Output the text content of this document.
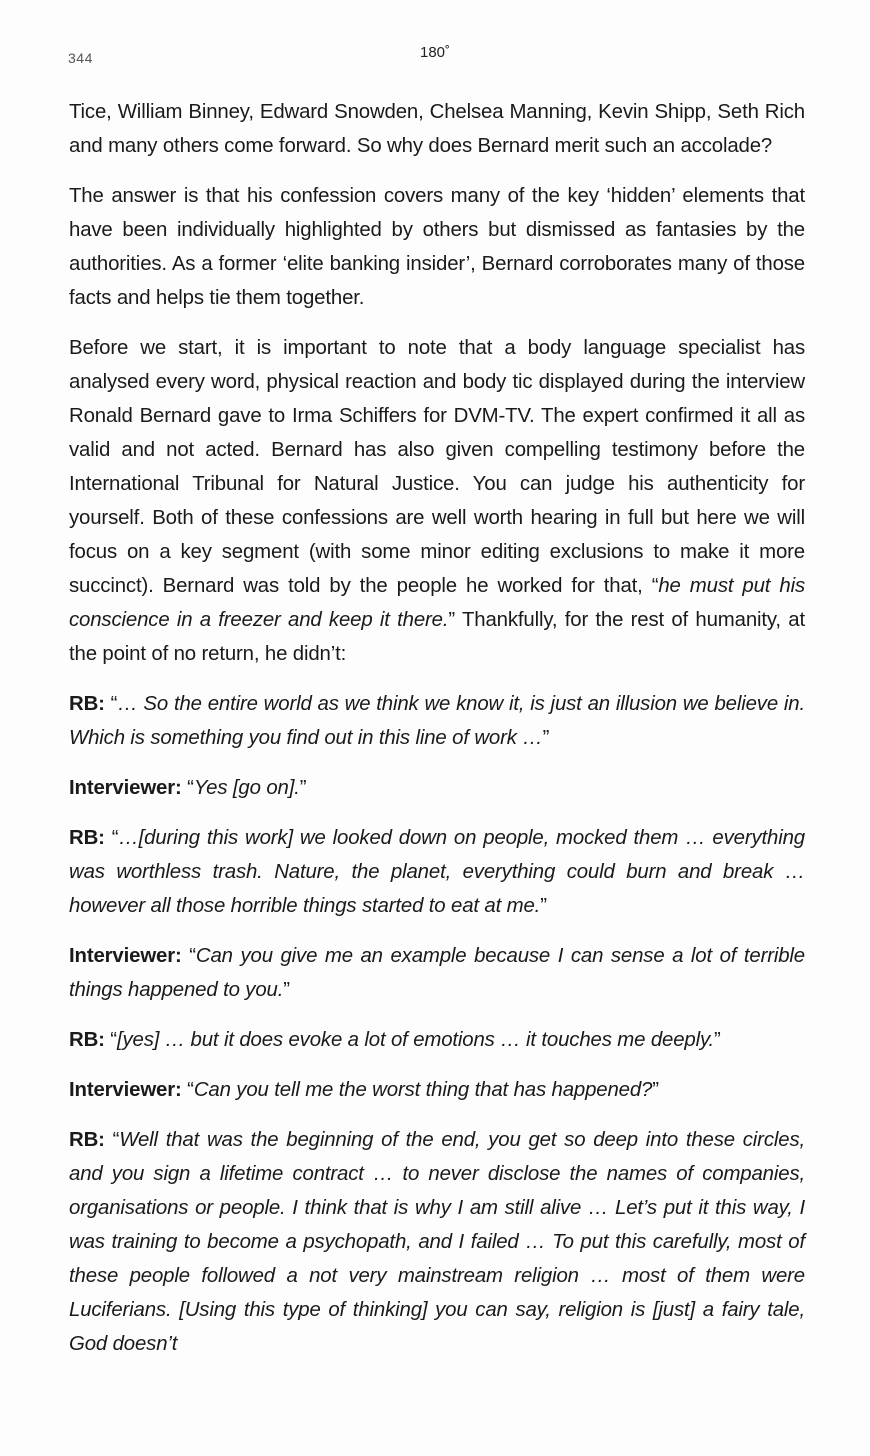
344	180˚

Tice, William Binney, Edward Snowden, Chelsea Manning, Kevin Shipp, Seth Rich and many others come forward. So why does Bernard merit such an accolade?

The answer is that his confession covers many of the key ‘hidden’ elements that have been individually highlighted by others but dismissed as fantasies by the authorities. As a former ‘elite banking insider’, Bernard corroborates many of those facts and helps tie them together.

Before we start, it is important to note that a body language specialist has analysed every word, physical reaction and body tic displayed during the interview Ronald Bernard gave to Irma Schiffers for DVM-TV. The expert confirmed it all as valid and not acted. Bernard has also given compelling testimony before the International Tribunal for Natural Justice. You can judge his authenticity for yourself. Both of these confessions are well worth hearing in full but here we will focus on a key segment (with some minor editing exclusions to make it more succinct). Bernard was told by the people he worked for that, “he must put his conscience in a freezer and keep it there.” Thankfully, for the rest of humanity, at the point of no return, he didn’t:

RB: “… So the entire world as we think we know it, is just an illusion we believe in. Which is something you find out in this line of work …”

Interviewer: “Yes [go on].”

RB: “…[during this work] we looked down on people, mocked them … everything was worthless trash. Nature, the planet, everything could burn and break … however all those horrible things started to eat at me.”

Interviewer: “Can you give me an example because I can sense a lot of terrible things happened to you.”

RB: “[yes] … but it does evoke a lot of emotions … it touches me deeply.”

Interviewer: “Can you tell me the worst thing that has happened?”

RB: “Well that was the beginning of the end, you get so deep into these circles, and you sign a lifetime contract … to never disclose the names of companies, organisations or people. I think that is why I am still alive … Let’s put it this way, I was training to become a psychopath, and I failed … To put this carefully, most of these people followed a not very mainstream religion … most of them were Luciferians. [Using this type of thinking] you can say, religion is [just] a fairy tale, God doesn’t
